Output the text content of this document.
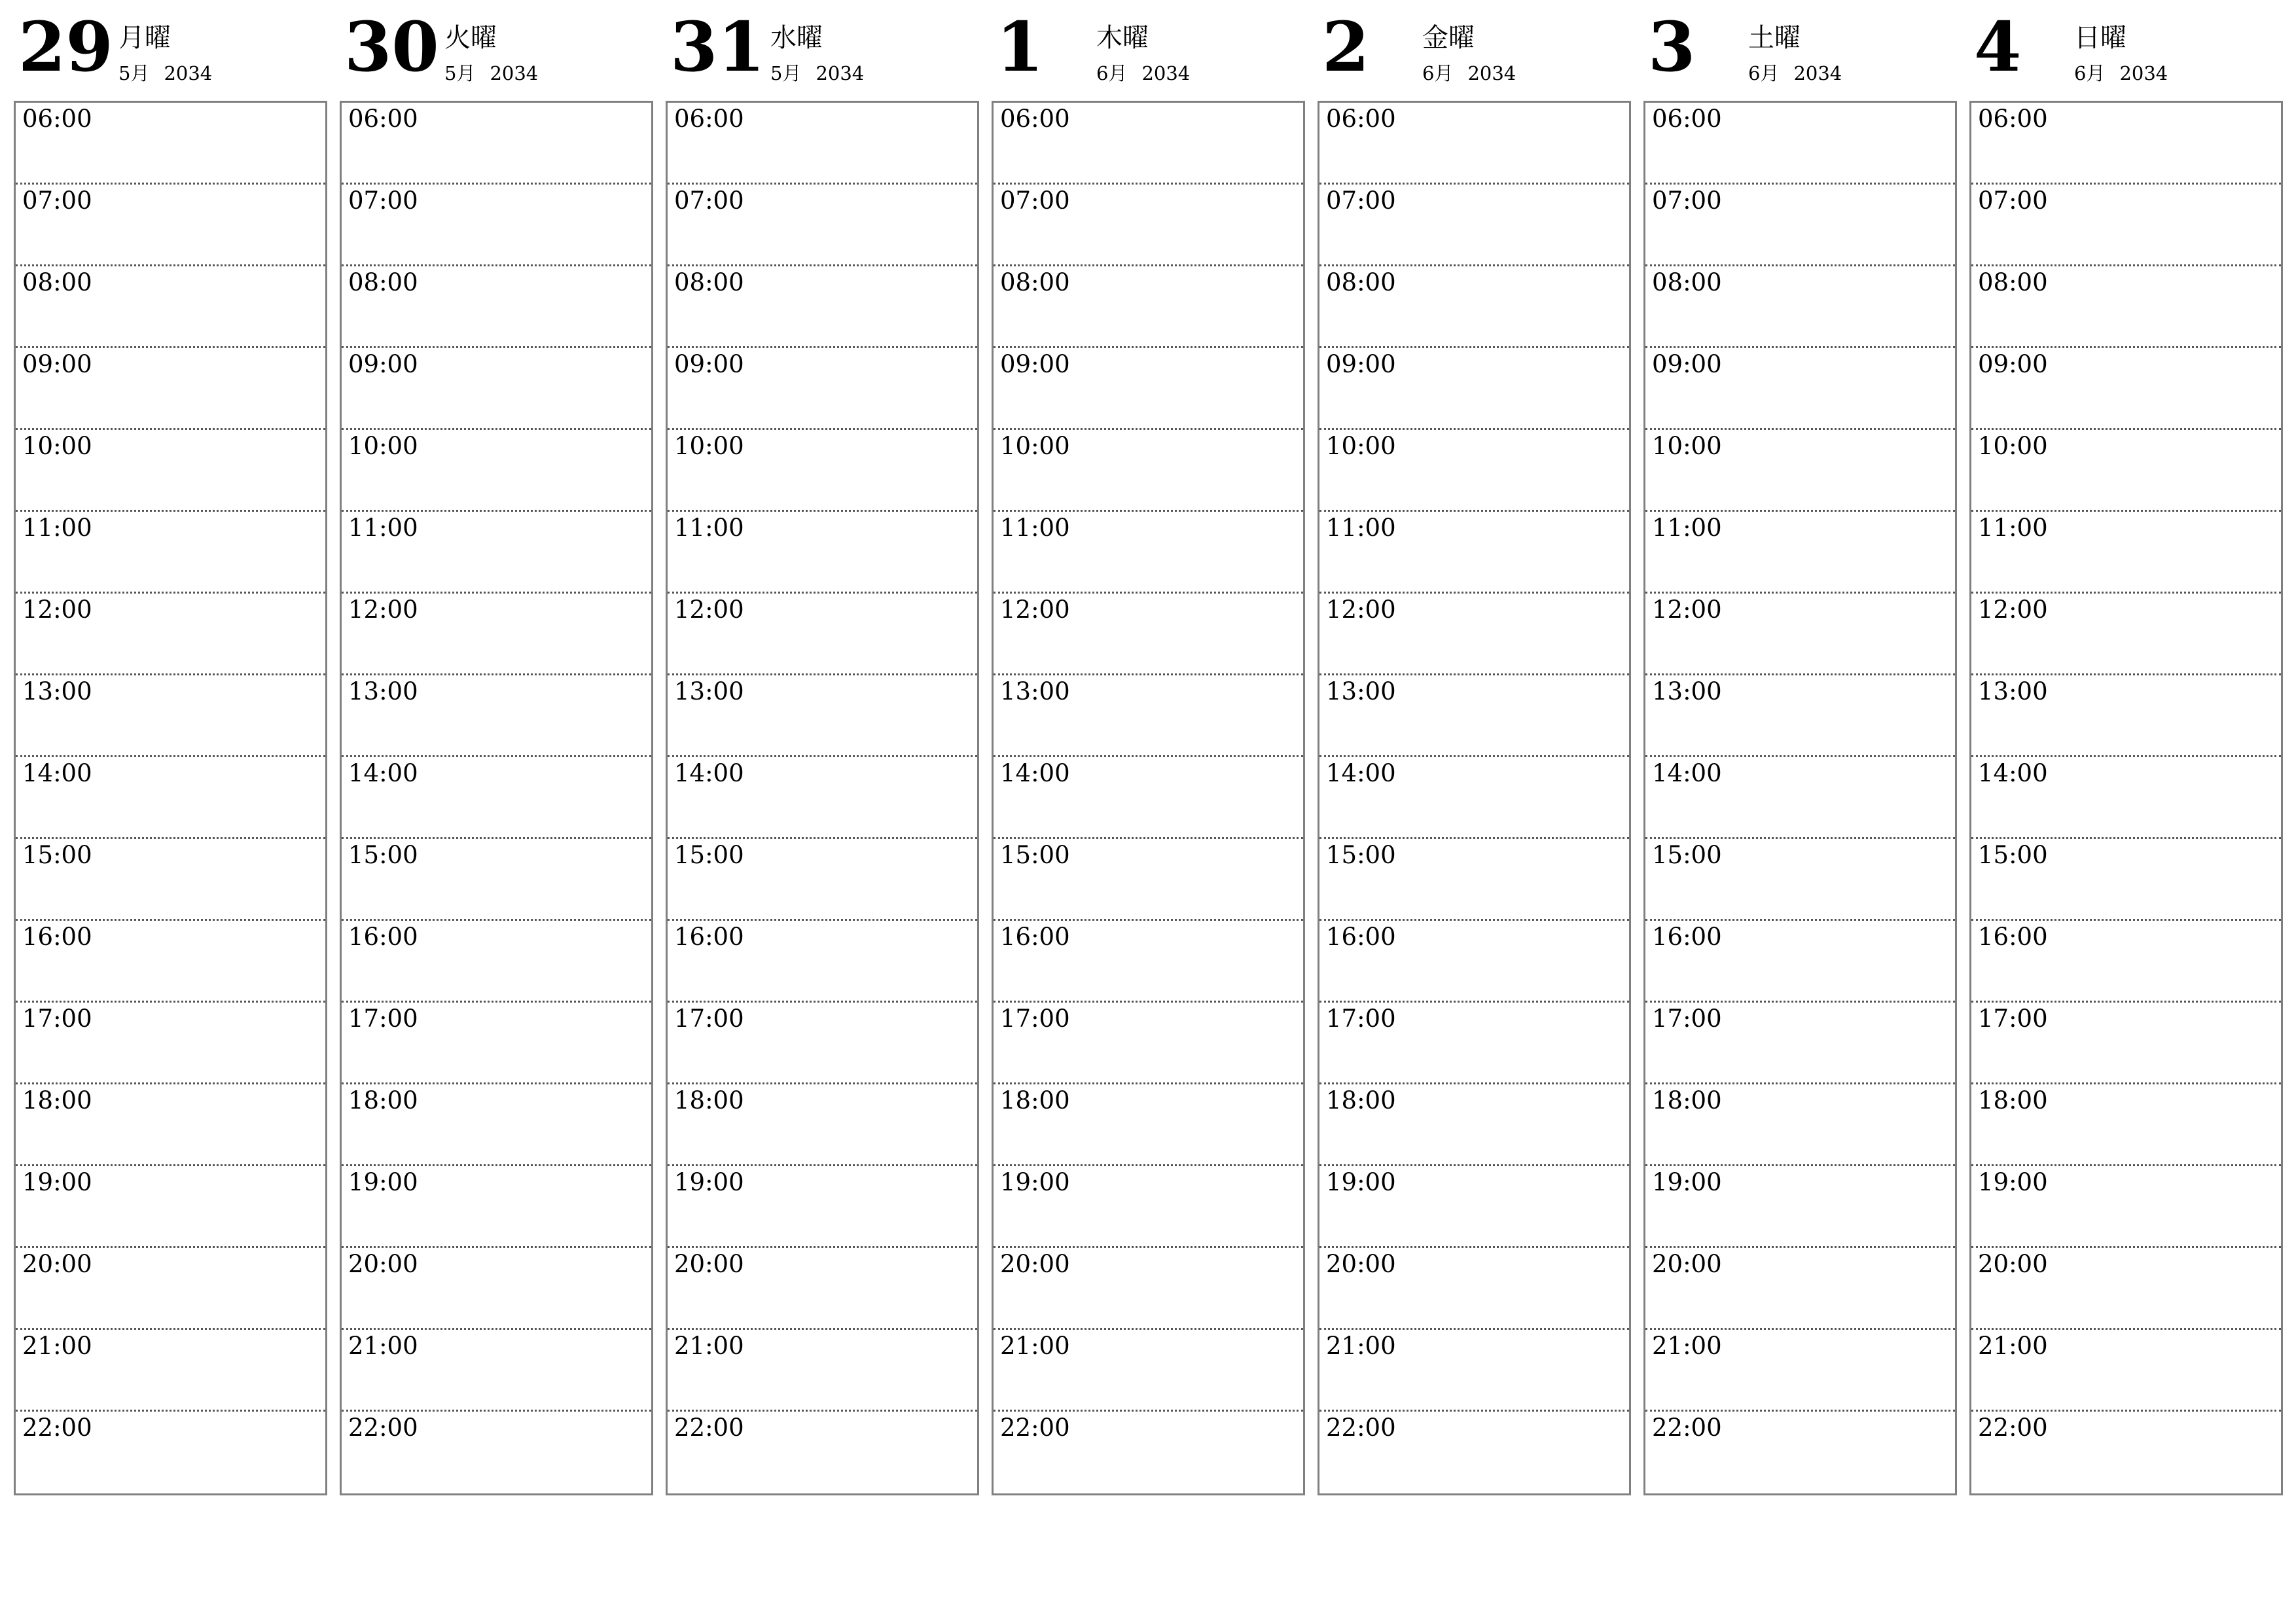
29 月曜
5月 2034
06:00
07:00
08:00
09:00
10:00
11:00
12:00
13:00
14:00
15:00
16:00
17:00
18:00
19:00
20:00
21:00
22:00
30 火曜
5月 2034
06:00
07:00
08:00
09:00
10:00
11:00
12:00
13:00
14:00
15:00
16:00
17:00
18:00
19:00
20:00
21:00
22:00
31 水曜
5月 2034
06:00
07:00
08:00
09:00
10:00
11:00
12:00
13:00
14:00
15:00
16:00
17:00
18:00
19:00
20:00
21:00
22:00
1 木曜
6月 2034
06:00
07:00
08:00
09:00
10:00
11:00
12:00
13:00
14:00
15:00
16:00
17:00
18:00
19:00
20:00
21:00
22:00
2 金曜
6月 2034
06:00
07:00
08:00
09:00
10:00
11:00
12:00
13:00
14:00
15:00
16:00
17:00
18:00
19:00
20:00
21:00
22:00
3 土曜
6月 2034
06:00
07:00
08:00
09:00
10:00
11:00
12:00
13:00
14:00
15:00
16:00
17:00
18:00
19:00
20:00
21:00
22:00
4 日曜
6月 2034
06:00
07:00
08:00
09:00
10:00
11:00
12:00
13:00
14:00
15:00
16:00
17:00
18:00
19:00
20:00
21:00
22:00
